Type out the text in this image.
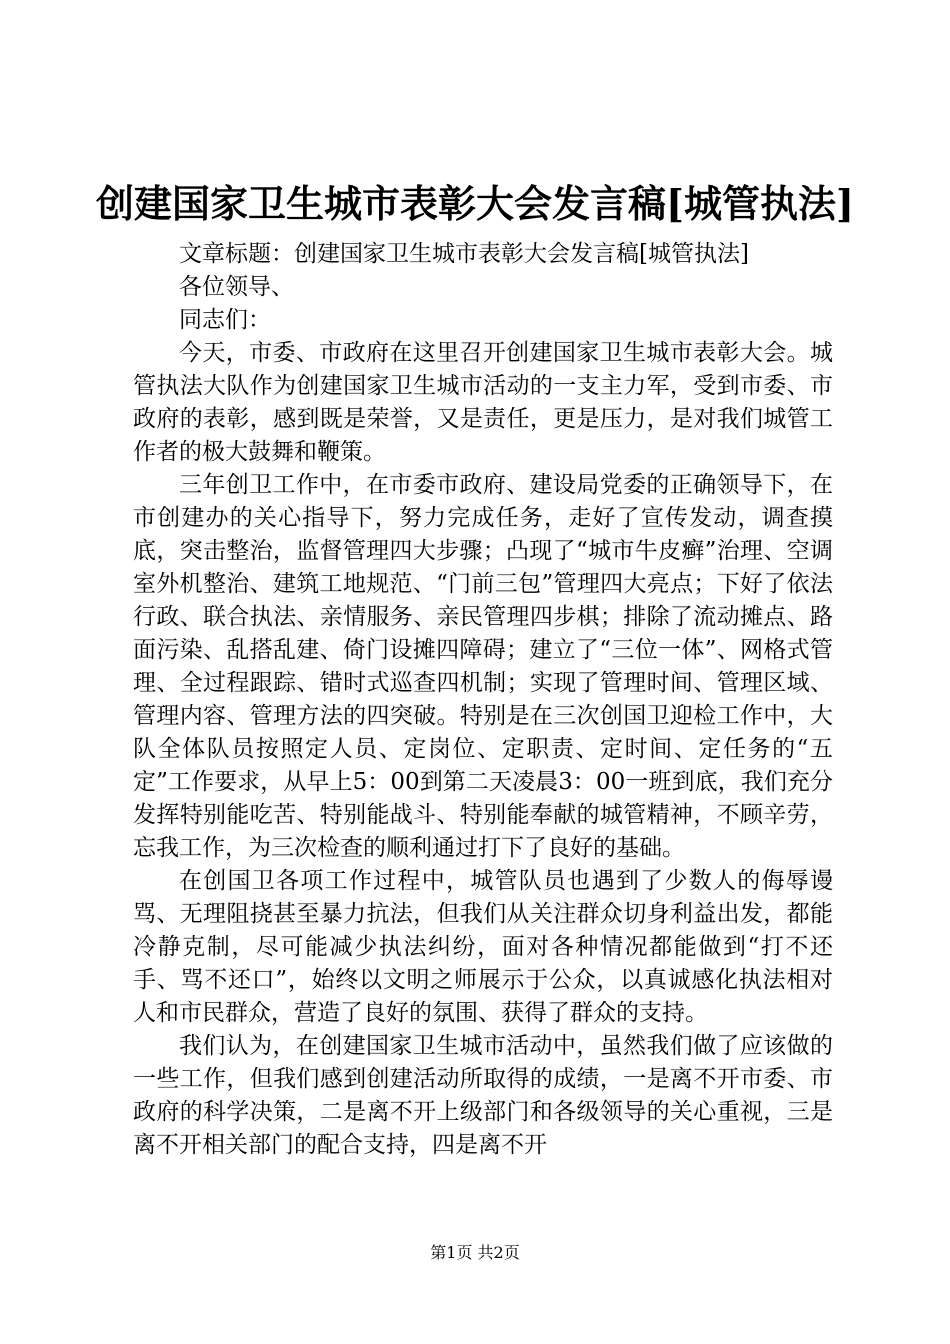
创建国家卫生城市表彰大会发言稿[城管执法]

文章标题：创建国家卫生城市表彰大会发言稿[城管执法]

各位领导、

同志们：

今天，市委、市政府在这里召开创建国家卫生城市表彰大会。城管执法大队作为创建国家卫生城市活动的一支主力军，受到市委、市政府的表彰，感到既是荣誉，又是责任，更是压力，是对我们城管工作者的极大鼓舞和鞭策。

三年创卫工作中，在市委市政府、建设局党委的正确领导下，在市创建办的关心指导下，努力完成任务，走好了宣传发动，调查摸底，突击整治，监督管理四大步骤；凸现了“城市牛皮癣”治理、空调室外机整治、建筑工地规范、“门前三包”管理四大亮点；下好了依法行政、联合执法、亲情服务、亲民管理四步棋；排除了流动摊点、路面污染、乱搭乱建、倚门设摊四障碍；建立了“三位一体”、网格式管理、全过程跟踪、错时式巡查四机制；实现了管理时间、管理区域、管理内容、管理方法的四突破。特别是在三次创国卫迎检工作中，大队全体队员按照定人员、定岗位、定职责、定时间、定任务的“五定”工作要求，从早上5：00到第二天凌晨3：00一班到底，我们充分发挥特别能吃苦、特别能战斗、特别能奉献的城管精神，不顾辛劳，忘我工作，为三次检查的顺利通过打下了良好的基础。

在创国卫各项工作过程中，城管队员也遇到了少数人的侮辱谩骂、无理阻挠甚至暴力抗法，但我们从关注群众切身利益出发，都能冷静克制，尽可能减少执法纠纷，面对各种情况都能做到“打不还手、骂不还口”，始终以文明之师展示于公众，以真诚感化执法相对人和市民群众，营造了良好的氛围、获得了群众的支持。

我们认为，在创建国家卫生城市活动中，虽然我们做了应该做的一些工作，但我们感到创建活动所取得的成绩，一是离不开市委、市政府的科学决策，二是离不开上级部门和各级领导的关心重视，三是离不开相关部门的配合支持，四是离不开

第1页 共2页
